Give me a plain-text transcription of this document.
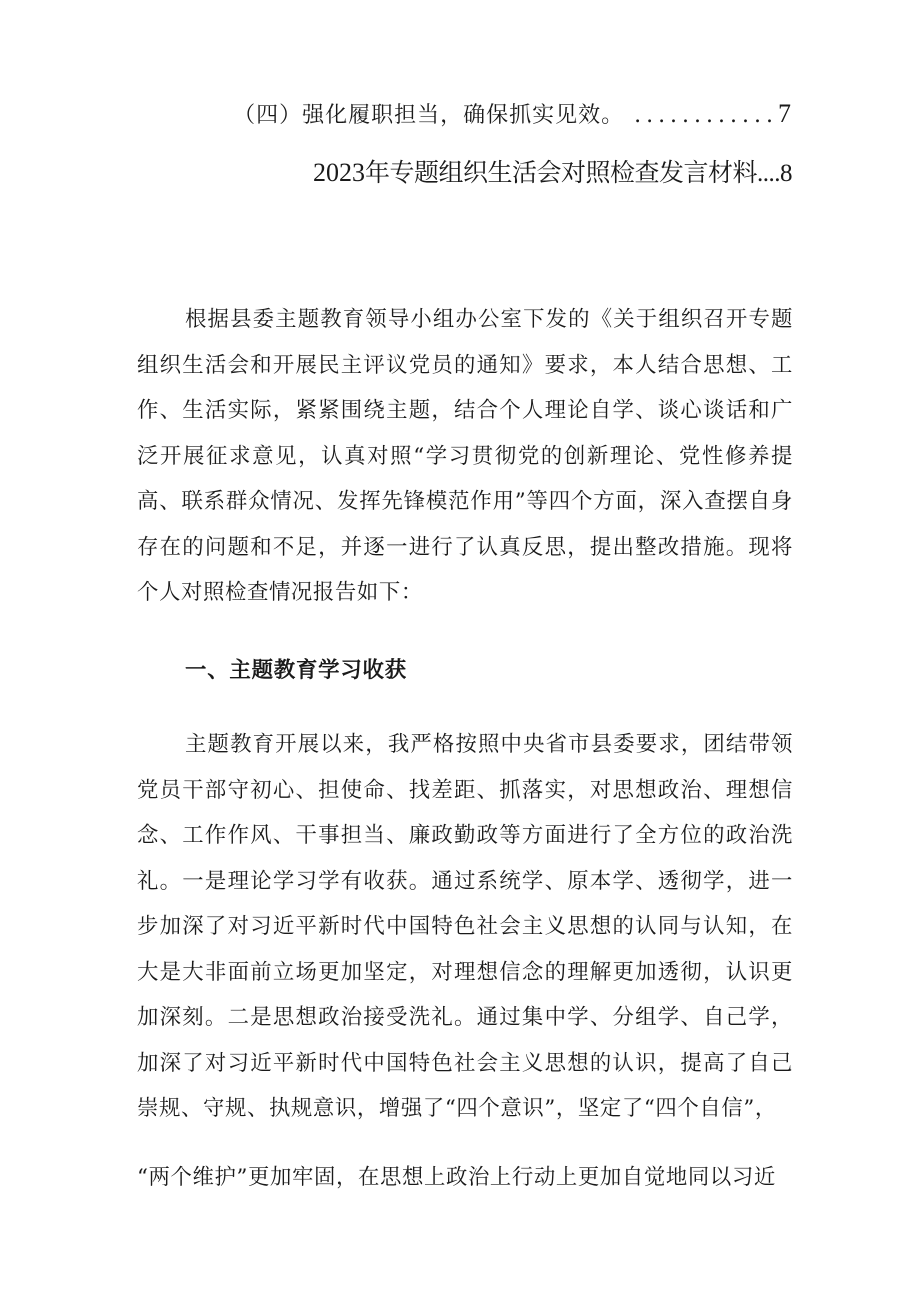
（四）强化履职担当，确保抓实见效。 ............7
2023年专题组织生活会对照检查发言材料....8

根据县委主题教育领导小组办公室下发的《关于组织召开专题组织生活会和开展民主评议党员的通知》要求，本人结合思想、工作、生活实际，紧紧围绕主题，结合个人理论自学、谈心谈话和广泛开展征求意见，认真对照“学习贯彻党的创新理论、党性修养提高、联系群众情况、发挥先锋模范作用”等四个方面，深入查摆自身存在的问题和不足，并逐一进行了认真反思，提出整改措施。现将个人对照检查情况报告如下：

一、主题教育学习收获

主题教育开展以来，我严格按照中央省市县委要求，团结带领党员干部守初心、担使命、找差距、抓落实，对思想政治、理想信念、工作作风、干事担当、廉政勤政等方面进行了全方位的政治洗礼。一是理论学习学有收获。通过系统学、原本学、透彻学，进一步加深了对习近平新时代中国特色社会主义思想的认同与认知，在大是大非面前立场更加坚定，对理想信念的理解更加透彻，认识更加深刻。二是思想政治接受洗礼。通过集中学、分组学、自己学，加深了对习近平新时代中国特色社会主义思想的认识，提高了自己崇规、守规、执规意识，增强了“四个意识”，坚定了“四个自信”，

“两个维护”更加牢固，在思想上政治上行动上更加自觉地同以习近
